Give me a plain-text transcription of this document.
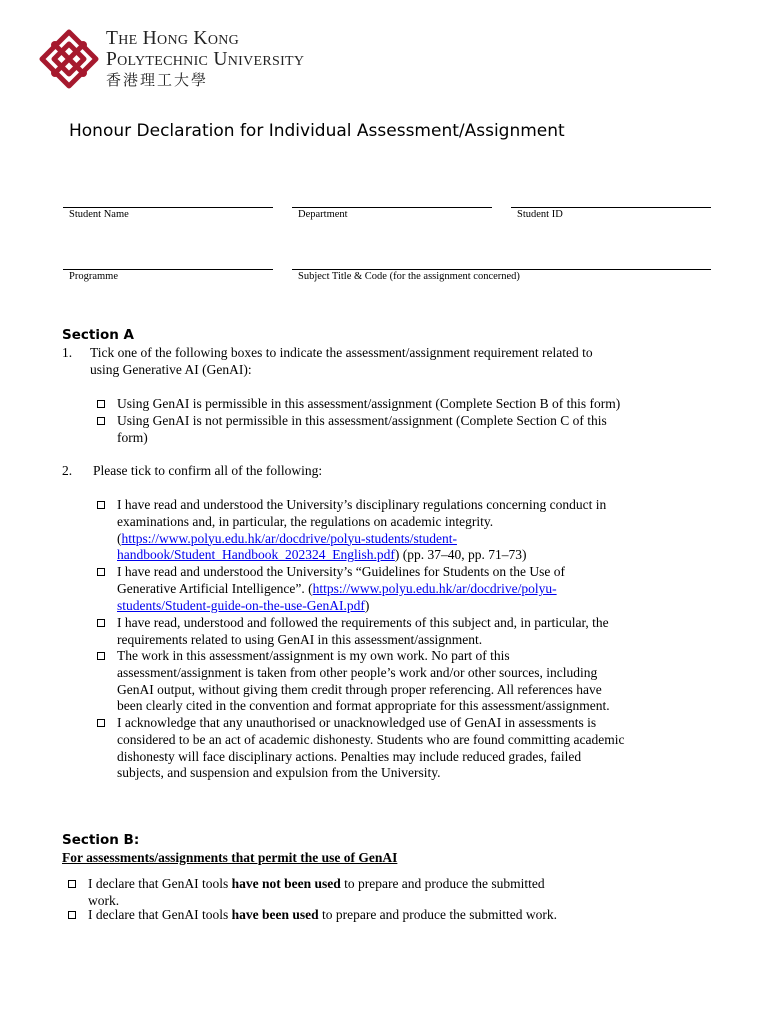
The Hong Kong
Polytechnic University
香港理工大學
Honour Declaration for Individual Assessment/Assignment
Student Name	Department	Student ID
Programme	Subject Title & Code (for the assignment concerned)
Section A
1. Tick one of the following boxes to indicate the assessment/assignment requirement related to
using Generative AI (GenAI):
Using GenAI is permissible in this assessment/assignment (Complete Section B of this form)
Using GenAI is not permissible in this assessment/assignment (Complete Section C of this
form)
2. Please tick to confirm all of the following:
I have read and understood the University’s disciplinary regulations concerning conduct in
examinations and, in particular, the regulations on academic integrity.
(https://www.polyu.edu.hk/ar/docdrive/polyu-students/student-
handbook/Student_Handbook_202324_English.pdf) (pp. 37–40, pp. 71–73)
I have read and understood the University’s “Guidelines for Students on the Use of
Generative Artificial Intelligence”. (https://www.polyu.edu.hk/ar/docdrive/polyu-
students/Student-guide-on-the-use-GenAI.pdf)
I have read, understood and followed the requirements of this subject and, in particular, the
requirements related to using GenAI in this assessment/assignment.
The work in this assessment/assignment is my own work. No part of this
assessment/assignment is taken from other people’s work and/or other sources, including
GenAI output, without giving them credit through proper referencing. All references have
been clearly cited in the convention and format appropriate for this assessment/assignment.
I acknowledge that any unauthorised or unacknowledged use of GenAI in assessments is
considered to be an act of academic dishonesty. Students who are found committing academic
dishonesty will face disciplinary actions. Penalties may include reduced grades, failed
subjects, and suspension and expulsion from the University.
Section B:
For assessments/assignments that permit the use of GenAI
I declare that GenAI tools have not been used to prepare and produce the submitted
work.
I declare that GenAI tools have been used to prepare and produce the submitted work.
